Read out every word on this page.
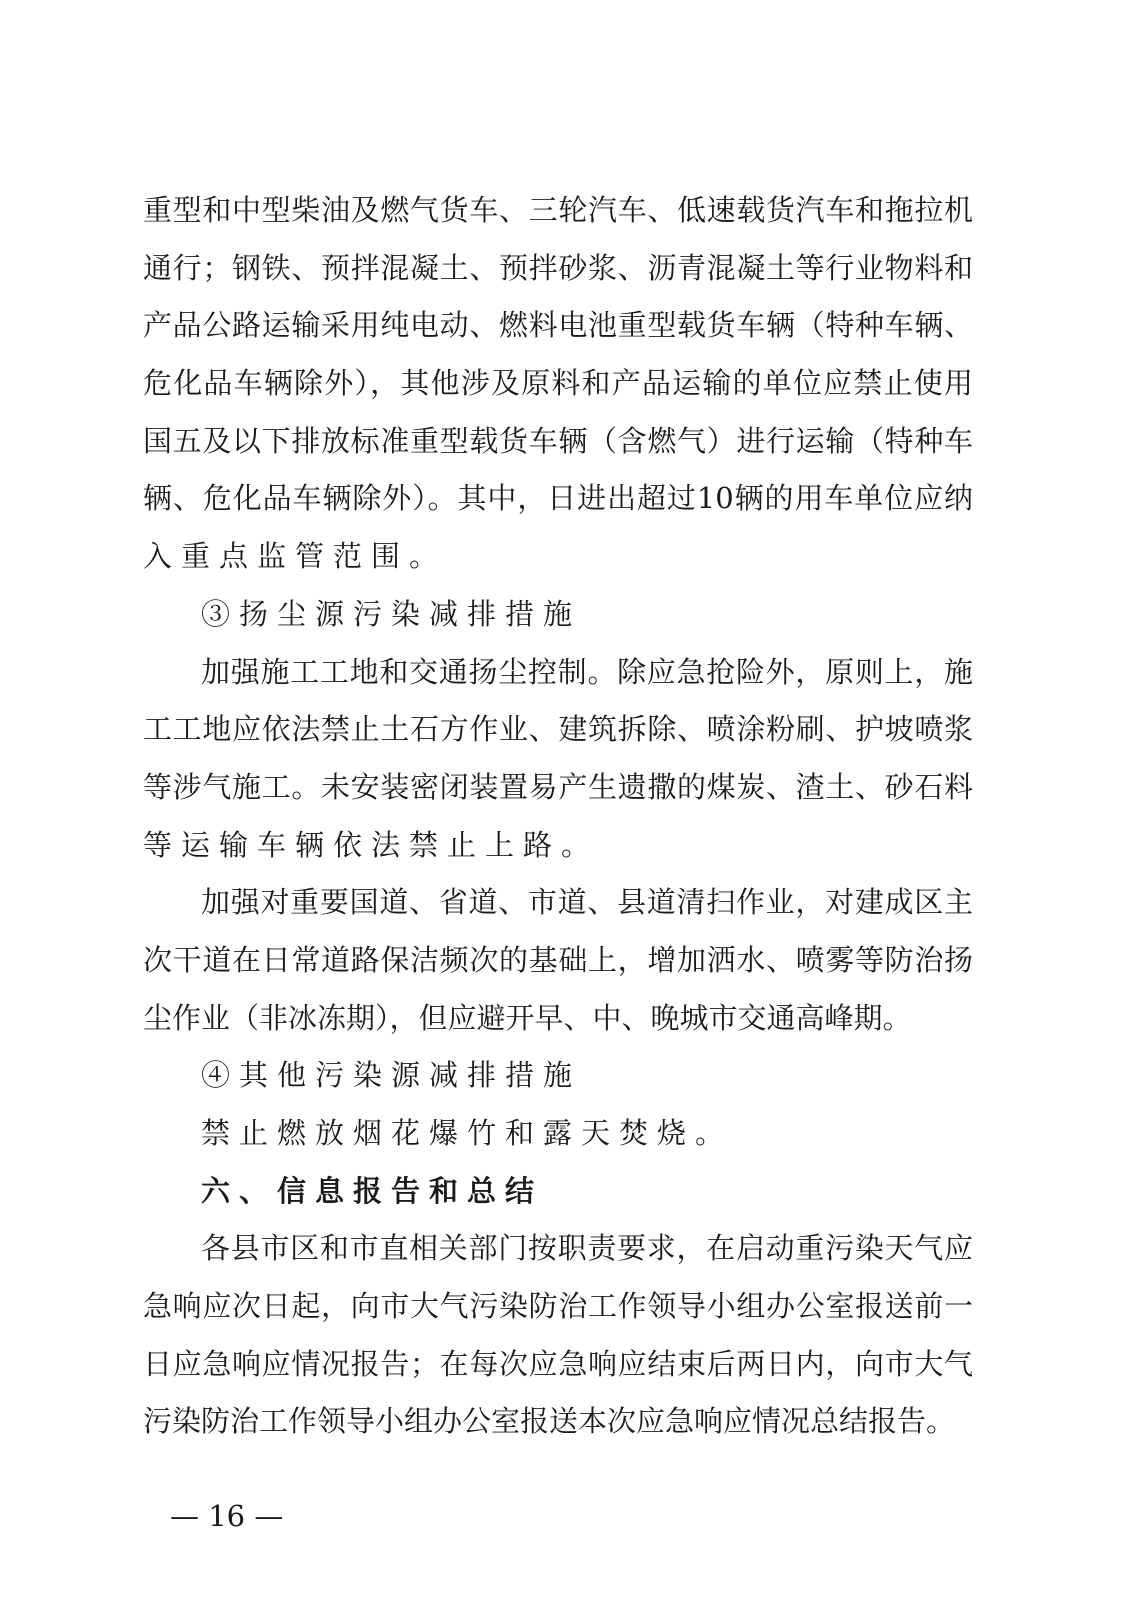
重型和中型柴油及燃气货车、三轮汽车、低速载货汽车和拖拉机
通行；钢铁、预拌混凝土、预拌砂浆、沥青混凝土等行业物料和
产品公路运输采用纯电动、燃料电池重型载货车辆（特种车辆、
危化品车辆除外），其他涉及原料和产品运输的单位应禁止使用
国五及以下排放标准重型载货车辆（含燃气）进行运输（特种车
辆、危化品车辆除外）。其中，日进出超过10辆的用车单位应纳
入重点监管范围。
③扬尘源污染减排措施
加强施工工地和交通扬尘控制。除应急抢险外，原则上，施
工工地应依法禁止土石方作业、建筑拆除、喷涂粉刷、护坡喷浆
等涉气施工。未安装密闭装置易产生遗撒的煤炭、渣土、砂石料
等运输车辆依法禁止上路。
加强对重要国道、省道、市道、县道清扫作业，对建成区主
次干道在日常道路保洁频次的基础上，增加洒水、喷雾等防治扬
尘作业（非冰冻期），但应避开早、中、晚城市交通高峰期。
④其他污染源减排措施
禁止燃放烟花爆竹和露天焚烧。
六、信息报告和总结
各县市区和市直相关部门按职责要求，在启动重污染天气应
急响应次日起，向市大气污染防治工作领导小组办公室报送前一
日应急响应情况报告；在每次应急响应结束后两日内，向市大气
污染防治工作领导小组办公室报送本次应急响应情况总结报告。
— 16 —
